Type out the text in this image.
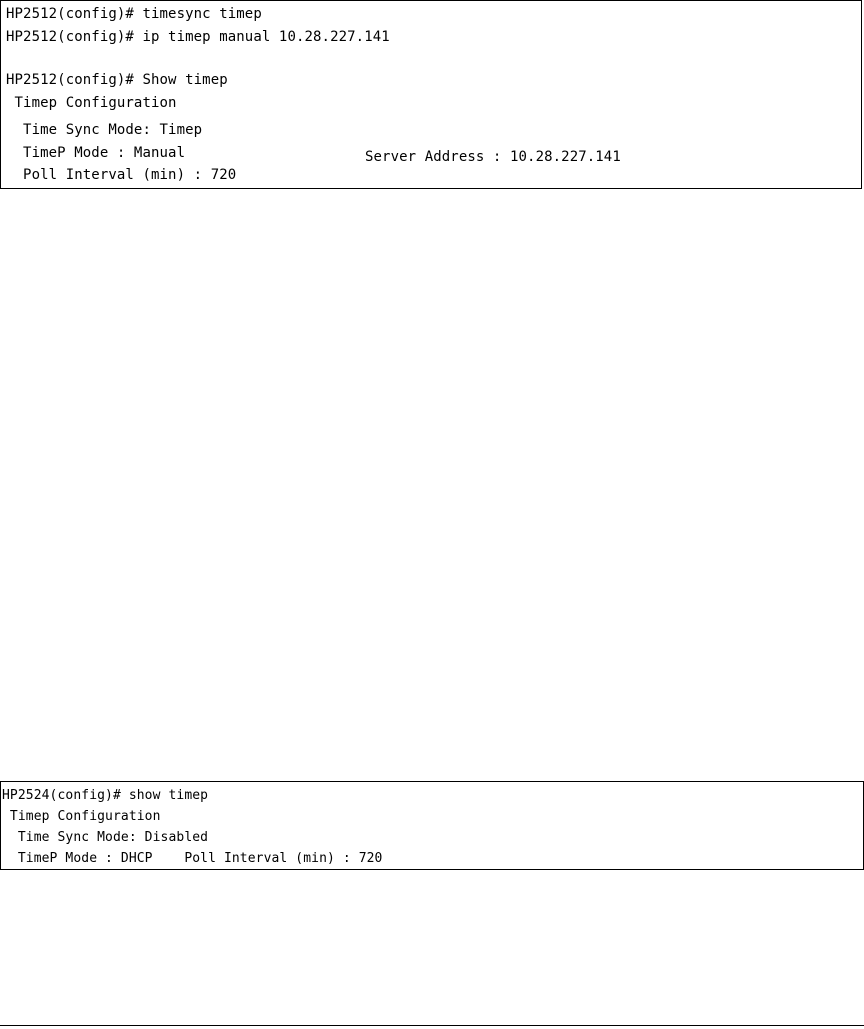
HP2512(config)# timesync timep
HP2512(config)# ip timep manual 10.28.227.141
HP2512(config)# Show timep
Timep Configuration
Time Sync Mode: Timep
TimeP Mode : Manual
Poll Interval (min) : 720
Server Address : 10.28.227.141
HP2524(config)# show timep
Timep Configuration
Time Sync Mode: Disabled
TimeP Mode : DHCP    Poll Interval (min) : 720
